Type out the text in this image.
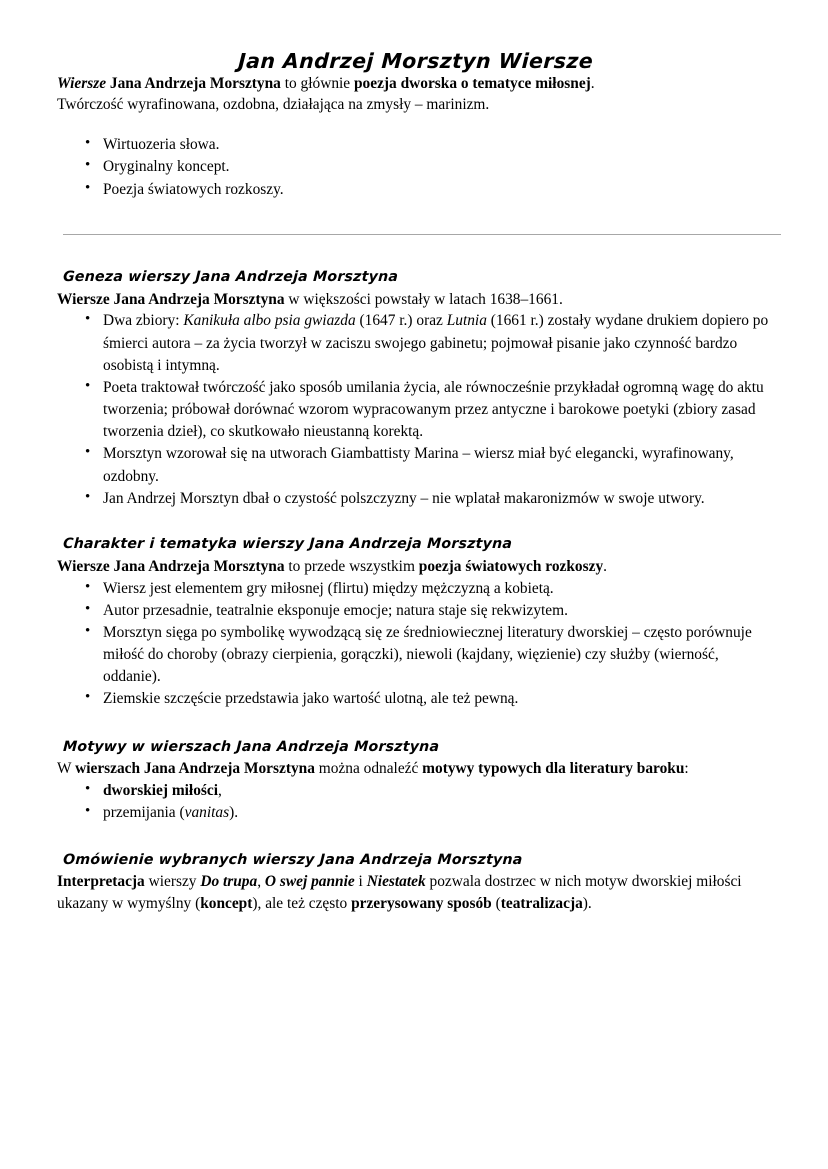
Jan Andrzej Morsztyn Wiersze

Wiersze Jana Andrzeja Morsztyna to głównie poezja dworska o tematyce miłosnej.

Twórczość wyrafinowana, ozdobna, działająca na zmysły – marinizm.

• Wirtuozeria słowa.
• Oryginalny koncept.
• Poezja światowych rozkoszy.
Geneza wierszy Jana Andrzeja Morsztyna

Wiersze Jana Andrzeja Morsztyna w większości powstały w latach 1638–1661.

• Dwa zbiory: Kanikuła albo psia gwiazda (1647 r.) oraz Lutnia (1661 r.) zostały wydane drukiem dopiero po śmierci autora – za życia tworzył w zaciszu swojego gabinetu; pojmował pisanie jako czynność bardzo osobistą i intymną.
• Poeta traktował twórczość jako sposób umilania życia, ale równocześnie przykładał ogromną wagę do aktu tworzenia; próbował dorównać wzorom wypracowanym przez antyczne i barokowe poetyki (zbiory zasad tworzenia dzieł), co skutkowało nieustanną korektą.
• Morsztyn wzorował się na utworach Giambattisty Marina – wiersz miał być elegancki, wyrafinowany, ozdobny.
• Jan Andrzej Morsztyn dbał o czystość polszczyzny – nie wplatał makaronizmów w swoje utwory.
Charakter i tematyka wierszy Jana Andrzeja Morsztyna

Wiersze Jana Andrzeja Morsztyna to przede wszystkim poezja światowych rozkoszy.

• Wiersz jest elementem gry miłosnej (flirtu) między mężczyzną a kobietą.
• Autor przesadnie, teatralnie eksponuje emocje; natura staje się rekwizytem.
• Morsztyn sięga po symbolikę wywodzącą się ze średniowiecznej literatury dworskiej – często porównuje miłość do choroby (obrazy cierpienia, gorączki), niewoli (kajdany, więzienie) czy służby (wierność, oddanie).
• Ziemskie szczęście przedstawia jako wartość ulotną, ale też pewną.
Motywy w wierszach Jana Andrzeja Morsztyna

W wierszach Jana Andrzeja Morsztyna można odnaleźć motywy typowych dla literatury baroku:

• dworskiej miłości,
• przemijania (vanitas).
Omówienie wybranych wierszy Jana Andrzeja Morsztyna

Interpretacja wierszy Do trupa, O swej pannie i Niestatek pozwala dostrzec w nich motyw dworskiej miłości ukazany w wymyślny (koncept), ale też często przerysowany sposób (teatralizacja).
